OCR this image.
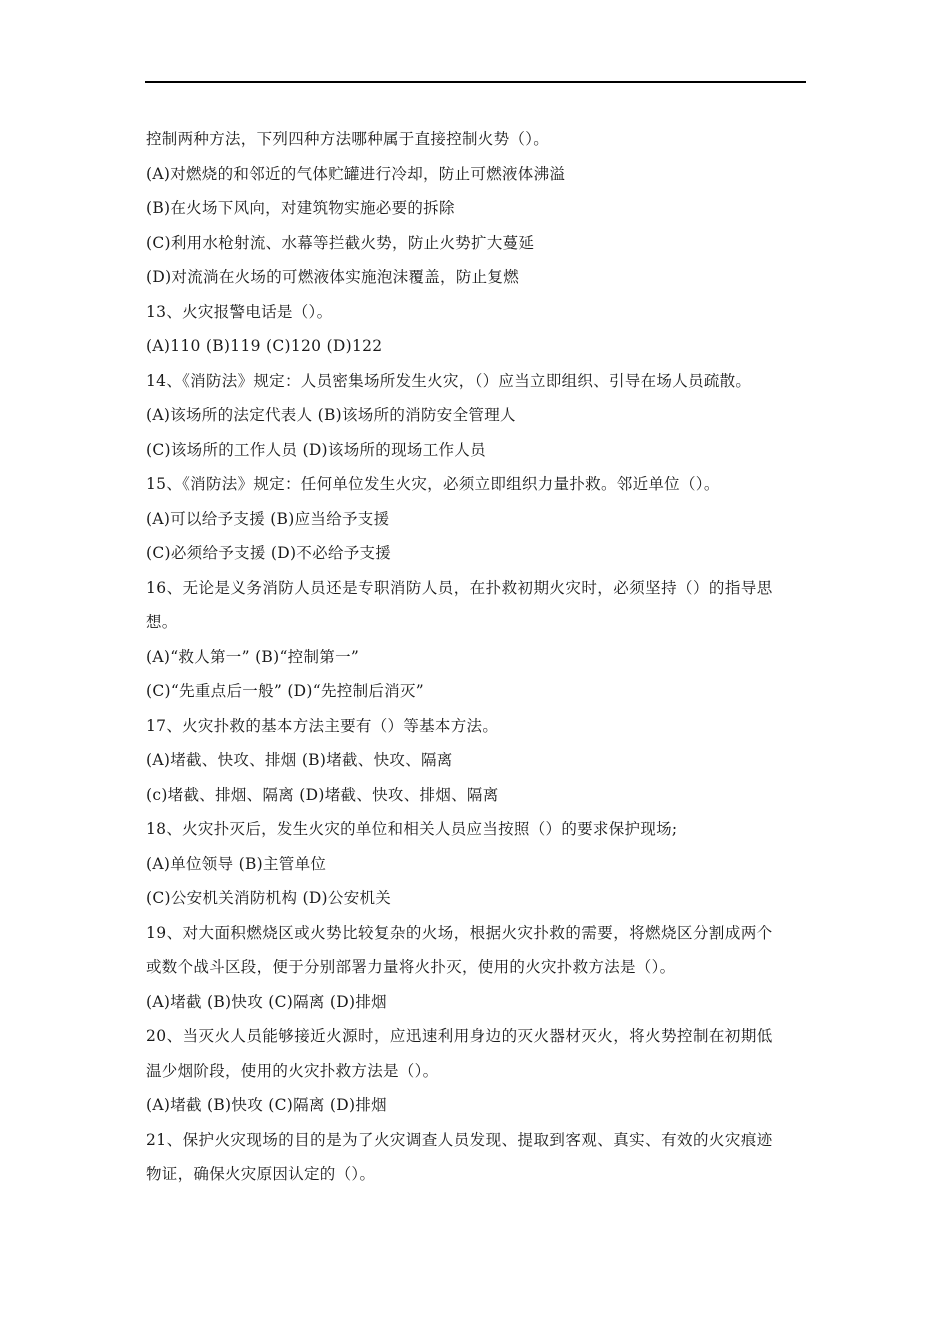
控制两种方法，下列四种方法哪种属于直接控制火势（）。
(A)对燃烧的和邻近的气体贮罐进行冷却，防止可燃液体沸溢
(B)在火场下风向，对建筑物实施必要的拆除
(C)利用水枪射流、水幕等拦截火势，防止火势扩大蔓延
(D)对流淌在火场的可燃液体实施泡沫覆盖，防止复燃
13、火灾报警电话是（）。
(A)110 (B)119 (C)120 (D)122
14、《消防法》规定：人员密集场所发生火灾，（）应当立即组织、引导在场人员疏散。
(A)该场所的法定代表人 (B)该场所的消防安全管理人
(C)该场所的工作人员 (D)该场所的现场工作人员
15、《消防法》规定：任何单位发生火灾，必须立即组织力量扑救。邻近单位（）。
(A)可以给予支援 (B)应当给予支援
(C)必须给予支援 (D)不必给予支援
16、无论是义务消防人员还是专职消防人员，在扑救初期火灾时，必须坚持（）的指导思
想。
(A)“救人第一” (B)“控制第一”
(C)“先重点后一般” (D)“先控制后消灭”
17、火灾扑救的基本方法主要有（）等基本方法。
(A)堵截、快攻、排烟 (B)堵截、快攻、隔离
(c)堵截、排烟、隔离 (D)堵截、快攻、排烟、隔离
18、火灾扑灭后，发生火灾的单位和相关人员应当按照（）的要求保护现场;
(A)单位领导 (B)主管单位
(C)公安机关消防机构 (D)公安机关
19、对大面积燃烧区或火势比较复杂的火场，根据火灾扑救的需要，将燃烧区分割成两个
或数个战斗区段，便于分别部署力量将火扑灭，使用的火灾扑救方法是（）。
(A)堵截 (B)快攻 (C)隔离 (D)排烟
20、当灭火人员能够接近火源时，应迅速利用身边的灭火器材灭火，将火势控制在初期低
温少烟阶段，使用的火灾扑救方法是（）。
(A)堵截 (B)快攻 (C)隔离 (D)排烟
21、保护火灾现场的目的是为了火灾调查人员发现、提取到客观、真实、有效的火灾痕迹
物证，确保火灾原因认定的（）。
